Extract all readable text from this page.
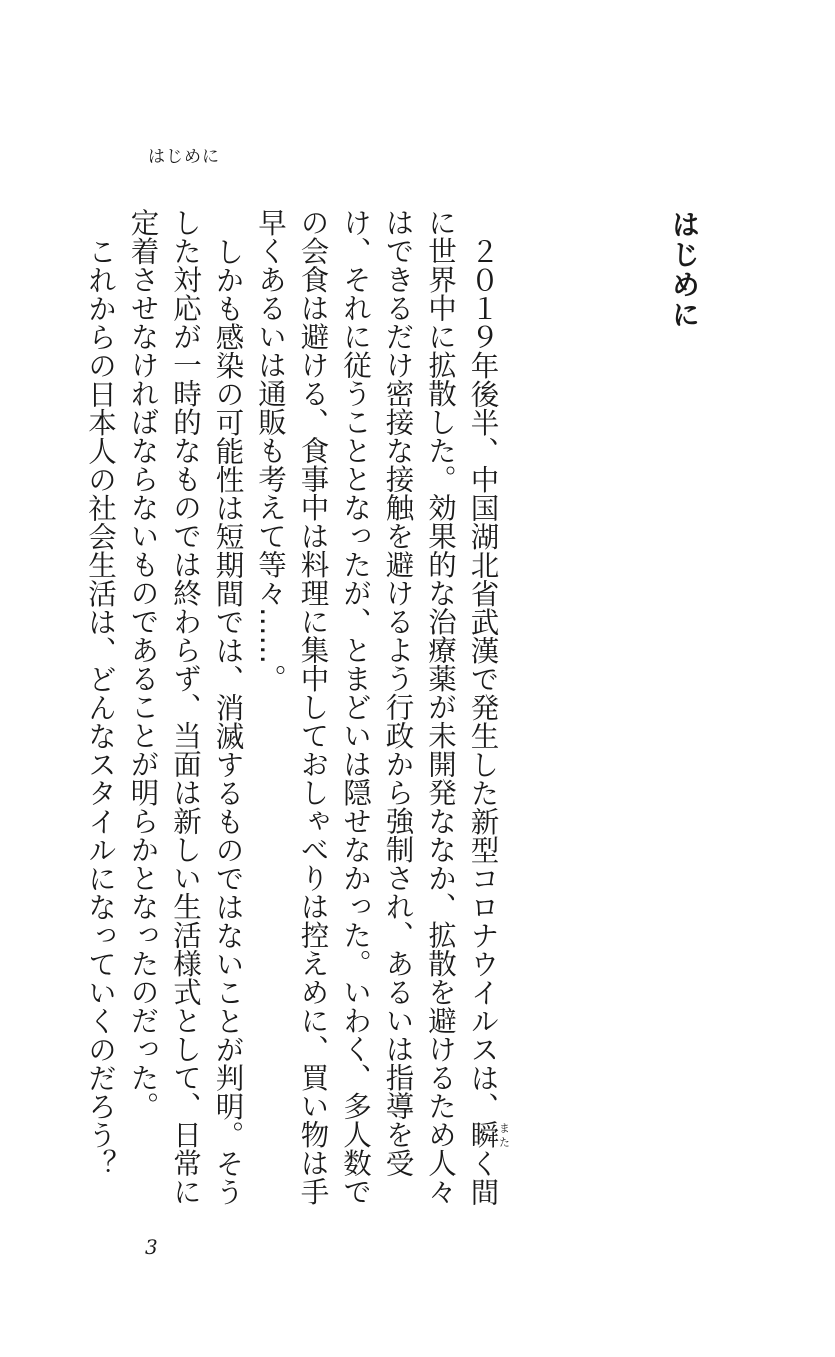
はじめに
はじめに

２０１９年後半、中国湖北省武漢で発生した新型コロナウイルスは、瞬またく間に世界中に拡散した。効果的な治療薬が未開発ななか、拡散を避けるため人々はできるだけ密接な接触を避けるよう行政から強制され、あるいは指導を受け、それに従うこととなったが、とまどいは隠せなかった。いわく、多人数での会食は避ける、食事中は料理に集中しておしゃべりは控えめに、買い物は手早くあるいは通販も考えて等々……。

しかも感染の可能性は短期間では、消滅するものではないことが判明。そうした対応が一時的なものでは終わらず、当面は新しい生活様式として、日常に定着させなければならないものであることが明らかとなったのだった。

これからの日本人の社会生活は、どんなスタイルになっていくのだろう？

3
